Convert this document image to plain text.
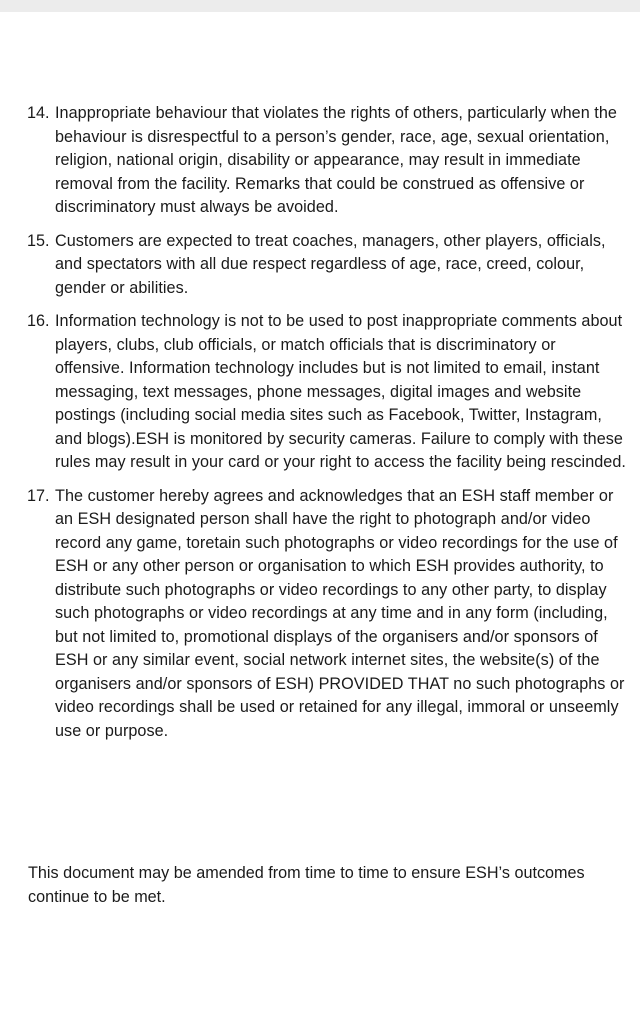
14. Inappropriate behaviour that violates the rights of others, particularly when the behaviour is disrespectful to a person’s gender, race, age, sexual orientation, religion, national origin, disability or appearance, may result in immediate removal from the facility. Remarks that could be construed as offensive or discriminatory must always be avoided.
15. Customers are expected to treat coaches, managers, other players, officials, and spectators with all due respect regardless of age, race, creed, colour, gender or abilities.
16. Information technology is not to be used to post inappropriate comments about players, clubs, club officials, or match officials that is discriminatory or offensive. Information technology includes but is not limited to email, instant messaging, text messages, phone messages, digital images and website postings (including social media sites such as Facebook, Twitter, Instagram, and blogs).ESH is monitored by security cameras. Failure to comply with these rules may result in your card or your right to access the facility being rescinded.
17. The customer hereby agrees and acknowledges that an ESH staff member or an ESH designated person shall have the right to photograph and/or video record any game, toretain such photographs or video recordings for the use of ESH or any other person or organisation to which ESH provides authority, to distribute such photographs or video recordings to any other party, to display such photographs or video recordings at any time and in any form (including, but not limited to, promotional displays of the organisers and/or sponsors of ESH or any similar event, social network internet sites, the website(s) of the organisers and/or sponsors of ESH) PROVIDED THAT no such photographs or video recordings shall be used or retained for any illegal, immoral or unseemly use or purpose.
This document may be amended from time to time to ensure ESH’s outcomes continue to be met.
